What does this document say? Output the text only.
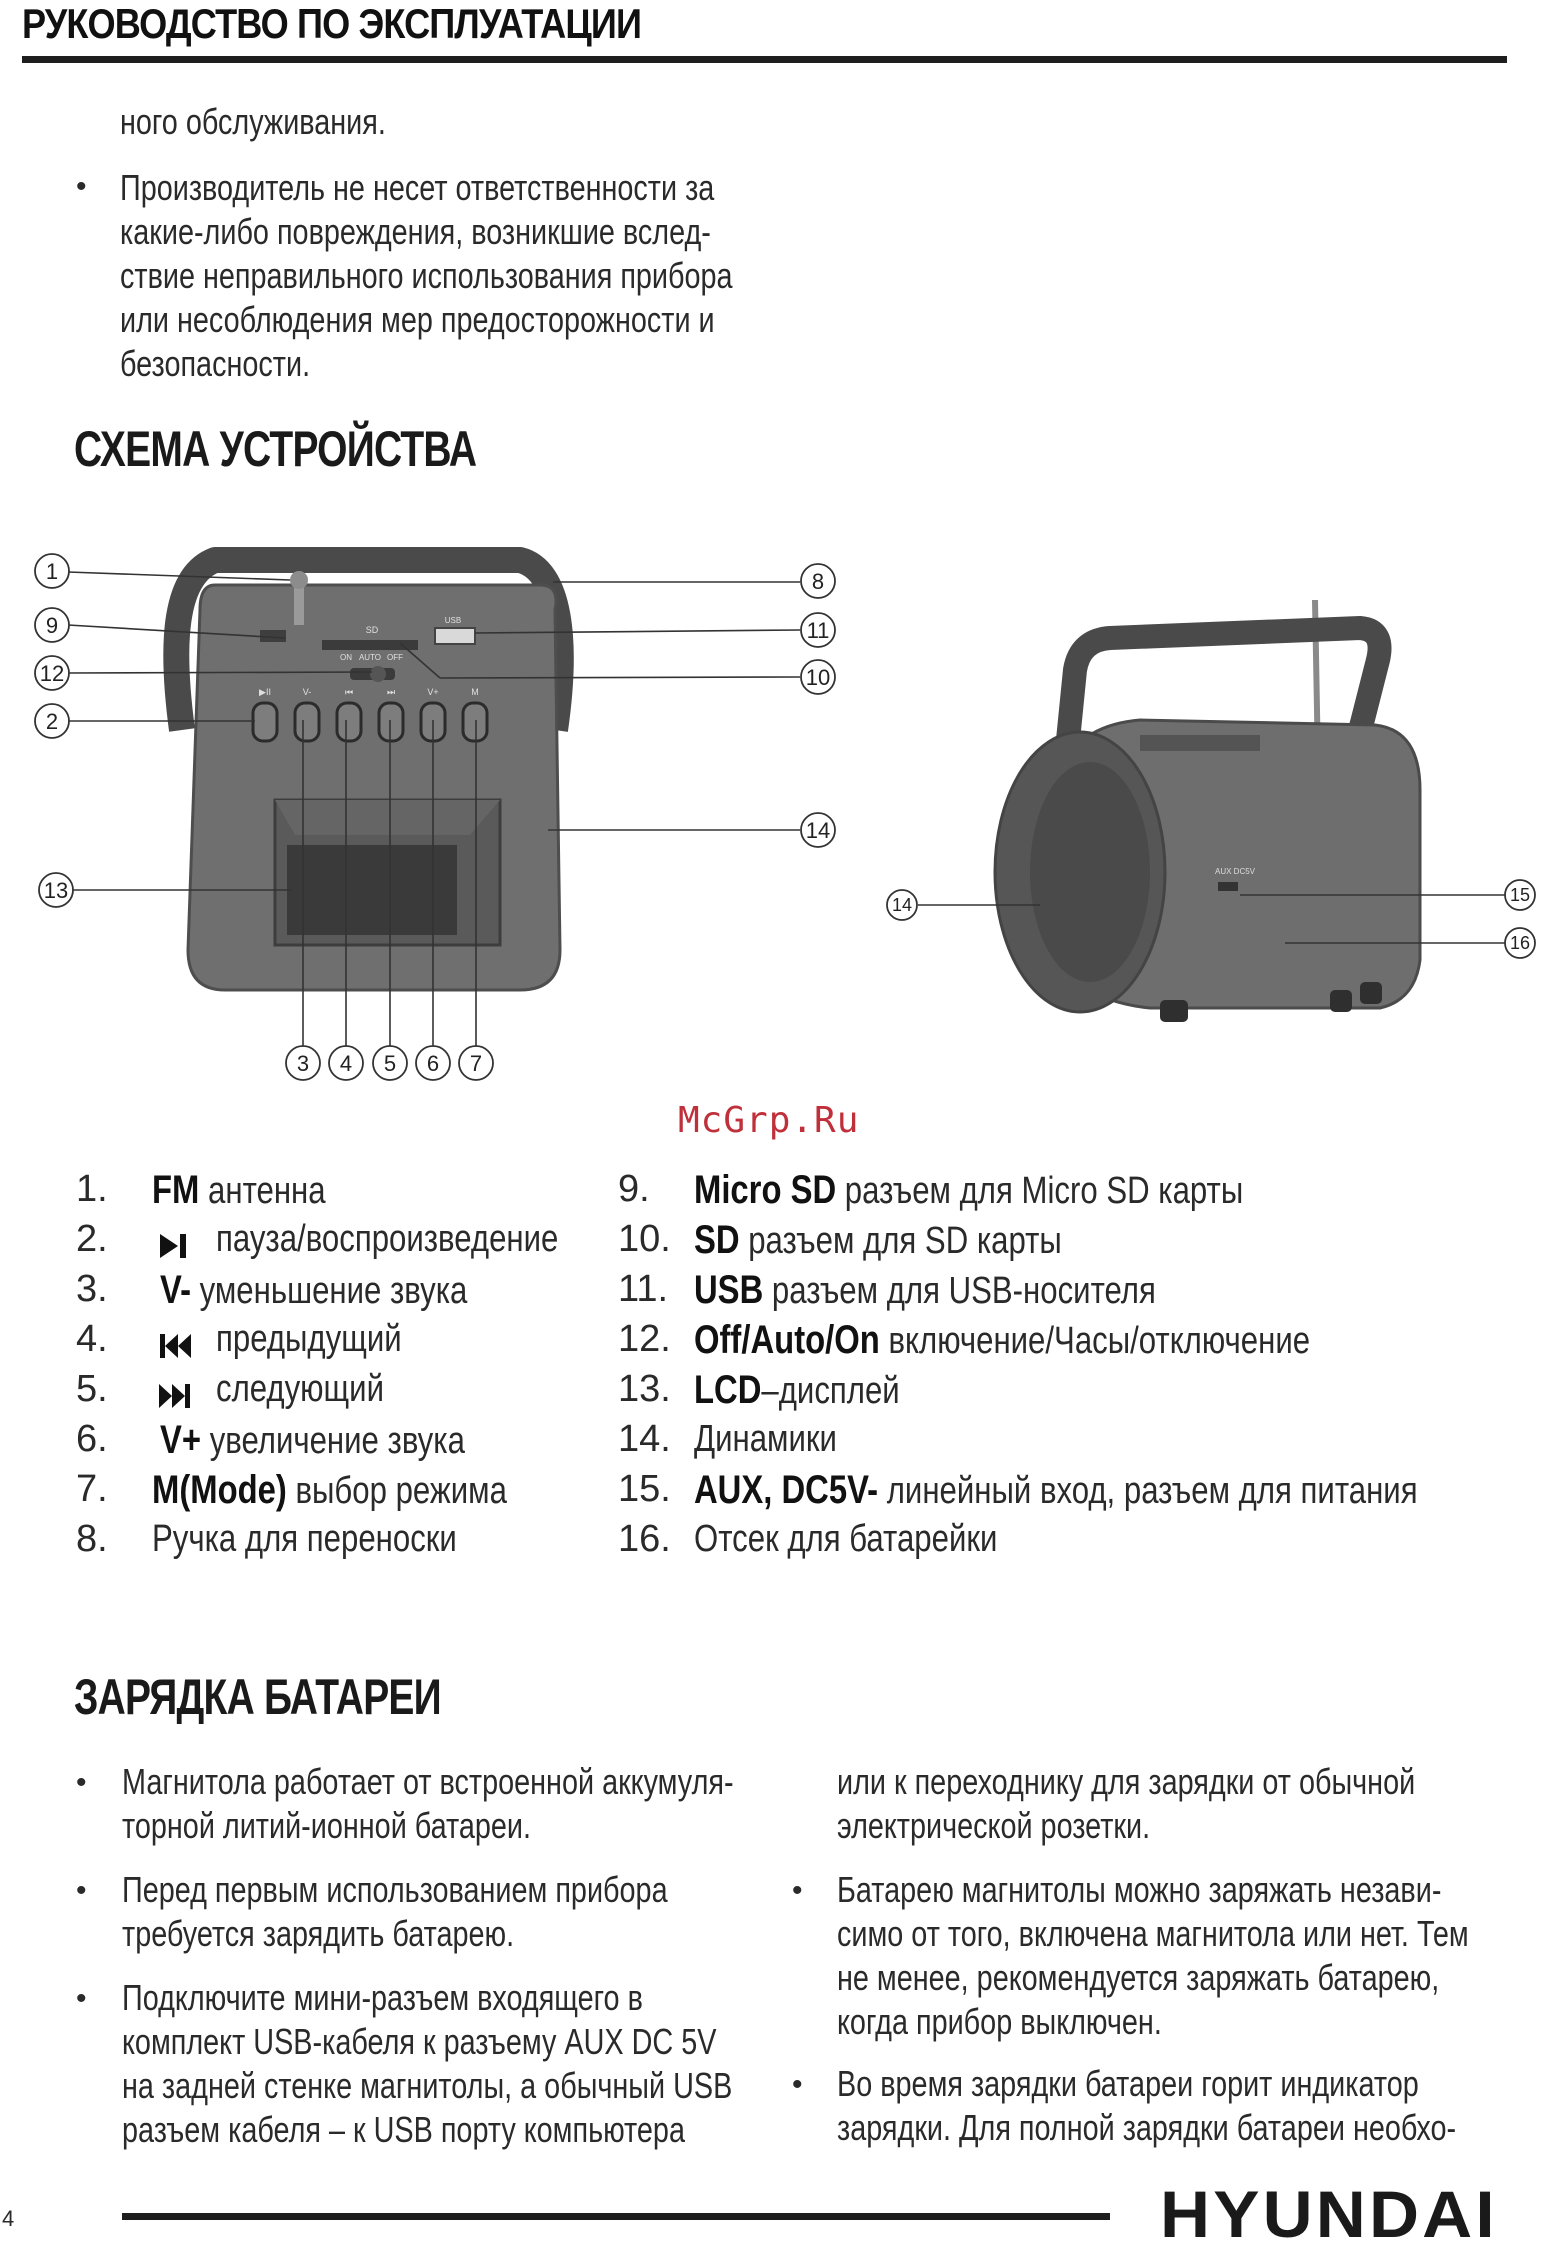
РУКОВОДСТВО ПО ЭКСПЛУАТАЦИИ
ного обслуживания.
• Производитель не несет ответственности за
какие-либо повреждения, возникшие вслед-
ствие неправильного использования прибора
или несоблюдения мер предосторожности и
безопасности.
СХЕМА УСТРОЙСТВА
SD
USB
ON AUTO OFF
▶II	V-	⏮	⏭	V+	M
1
9
12
2
13
8
11
10
14
3 4 5 6 7
14	15
16
AUX DC5V
McGrp.Ru
1. FM антенна
2.	пауза/воспроизведение
3. V- уменьшение звука
4.	предыдущий
5.	следующий
6. V+ увеличение звука
7. M(Mode) выбор режима
8. Ручка для переноски
9. Micro SD разъем для Micro SD карты
10. SD разъем для SD карты
11. USB разъем для USB-носителя
12. Off/Auto/On включение/Часы/отключение
13. LCD–дисплей
14. Динамики
15. AUX, DC5V- линейный вход, разъем для питания
16. Отсек для батарейки
ЗАРЯДКА БАТАРЕИ
• Магнитола работает от встроенной аккумуля-
торной литий-ионной батареи.
• Перед первым использованием прибора
требуется зарядить батарею.
• Подключите мини-разъем входящего в
комплект USB-кабеля к разъему AUX DC 5V
на задней стенке магнитолы, а обычный USB
разъем кабеля – к USB порту компьютера
или к переходнику для зарядки от обычной
электрической розетки.
• Батарею магнитолы можно заряжать незави-
симо от того, включена магнитола или нет. Тем
не менее, рекомендуется заряжать батарею,
когда прибор выключен.
• Во время зарядки батареи горит индикатор
зарядки. Для полной зарядки батареи необхо-
4	HYUNDAI
